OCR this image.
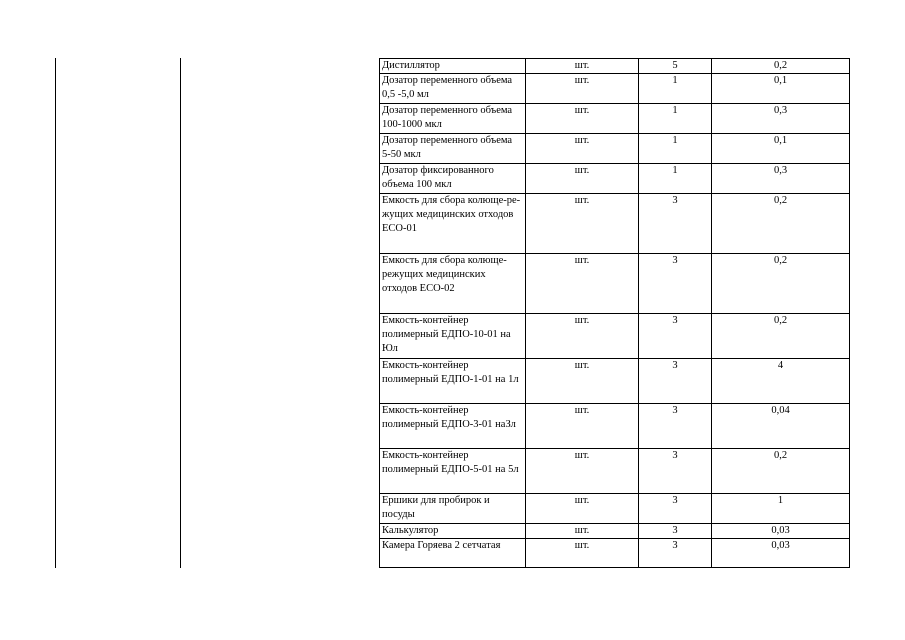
Дистиллятор	шт.	5	0,2
Дозатор переменного объема 0,5 -5,0 мл	шт.	1	0,1
Дозатор переменного объема 100-1000 мкл	шт.	1	0,3
Дозатор переменного объема 5-50 мкл	шт.	1	0,1
Дозатор фиксированного объема 100 мкл	шт.	1	0,3
Емкость для сбора колюще-ре-жущих медицинских отходов ЕСО-01	шт.	3	0,2
Емкость для сбора колюще-режущих медицинских отходов ЕСО-02	шт.	3	0,2
Емкость-контейнер полимерный ЕДПО-10-01 на Юл	шт.	3	0,2
Емкость-контейнер полимерный ЕДПО-1-01 на 1л	шт.	3	4
Емкость-контейнер полимерный ЕДПО-3-01 наЗл	шт.	3	0,04
Емкость-контейнер полимерный ЕДПО-5-01 на 5л	шт.	3	0,2
Ершики для пробирок и посуды	шт.	3	1
Калькулятор	шт.	3	0,03
Камера Горяева 2 сетчатая	шт.	3	0,03
